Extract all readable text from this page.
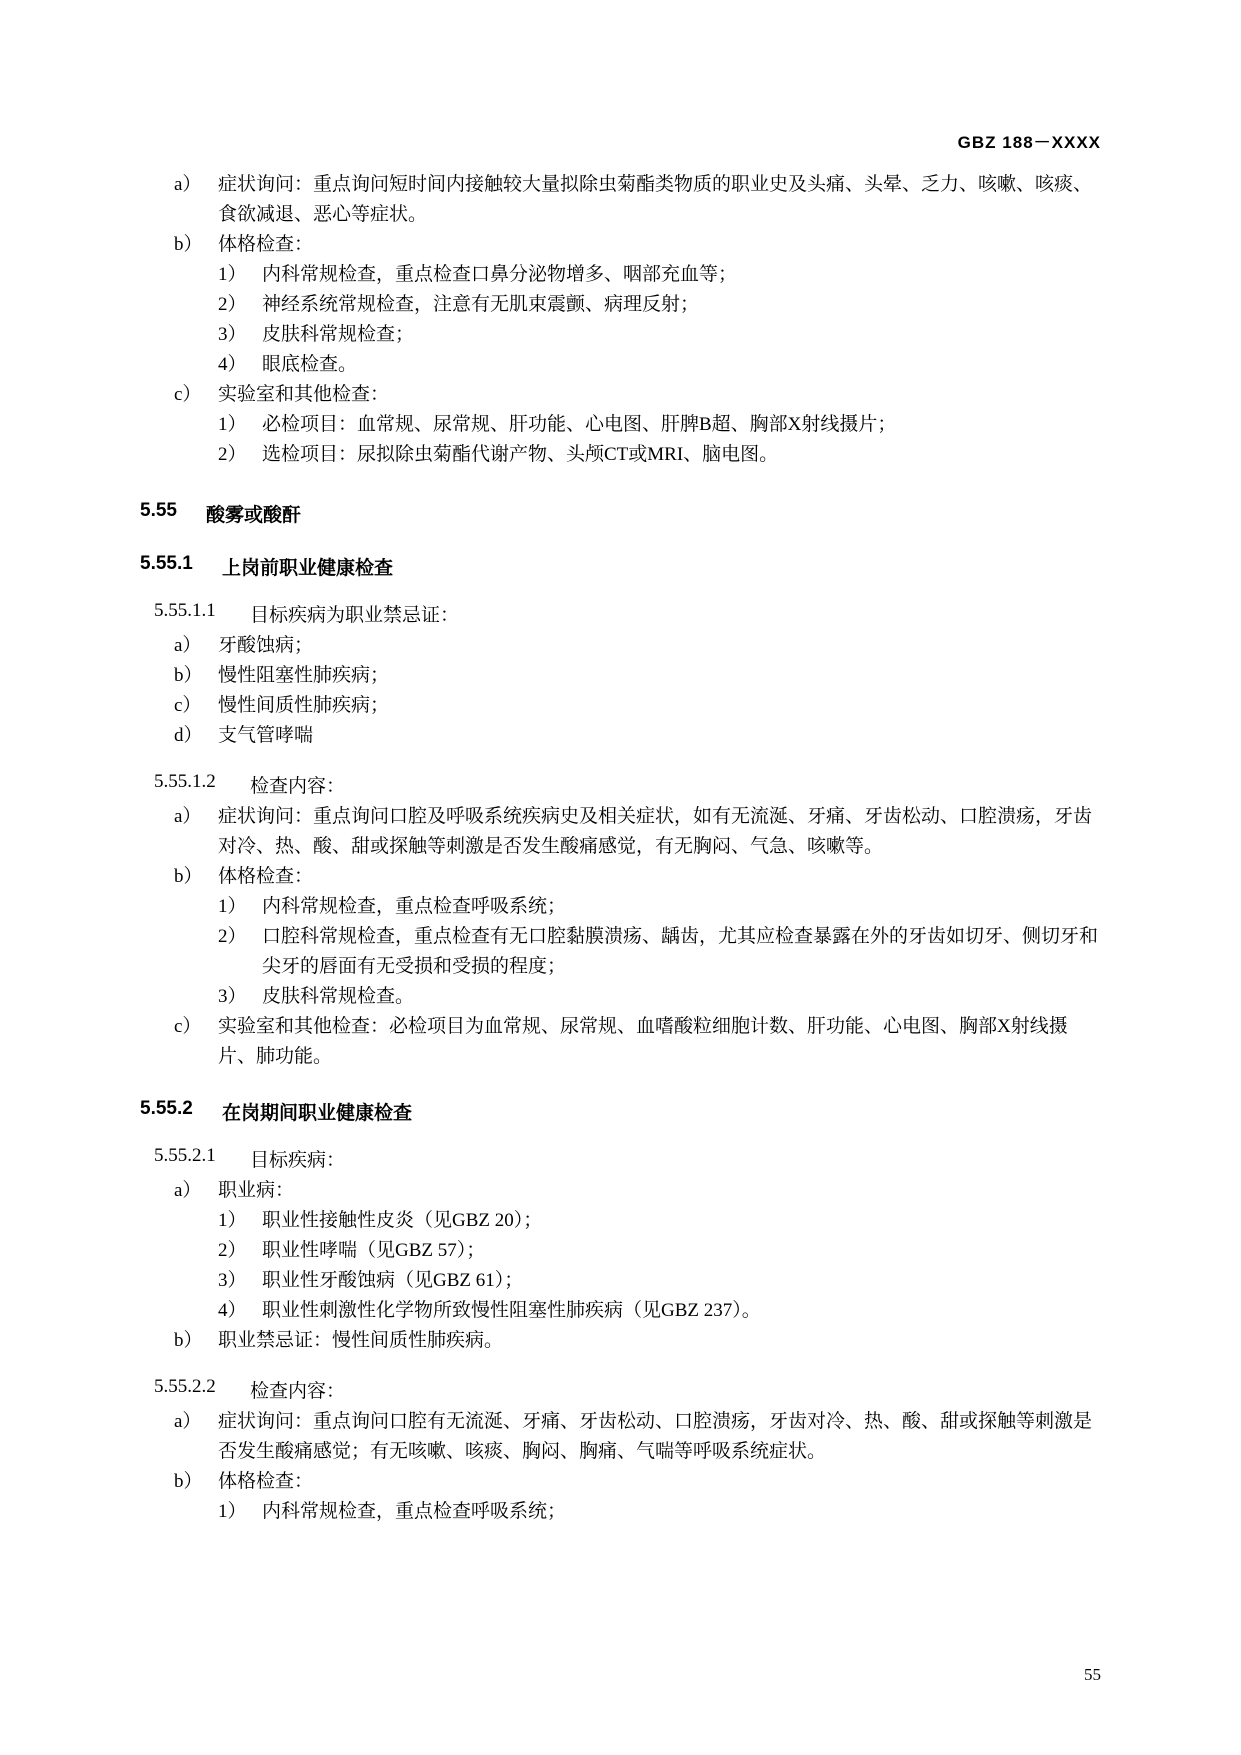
GBZ 188－XXXX
a） 症状询问：重点询问短时间内接触较大量拟除虫菊酯类物质的职业史及头痛、头晕、乏力、咳嗽、咳痰、食欲减退、恶心等症状。
b） 体格检查：
1） 内科常规检查，重点检查口鼻分泌物增多、咽部充血等；
2） 神经系统常规检查，注意有无肌束震颤、病理反射；
3） 皮肤科常规检查；
4） 眼底检查。
c） 实验室和其他检查：
1） 必检项目：血常规、尿常规、肝功能、心电图、肝脾B超、胸部X射线摄片；
2） 选检项目：尿拟除虫菊酯代谢产物、头颅CT或MRI、脑电图。
5.55	酸雾或酸酐
5.55.1	上岗前职业健康检查
5.55.1.1	目标疾病为职业禁忌证：
a） 牙酸蚀病；
b） 慢性阻塞性肺疾病；
c） 慢性间质性肺疾病；
d） 支气管哮喘
5.55.1.2	检查内容：
a） 症状询问：重点询问口腔及呼吸系统疾病史及相关症状，如有无流涎、牙痛、牙齿松动、口腔溃疡，牙齿对冷、热、酸、甜或探触等刺激是否发生酸痛感觉，有无胸闷、气急、咳嗽等。
b） 体格检查：
1） 内科常规检查，重点检查呼吸系统；
2） 口腔科常规检查，重点检查有无口腔黏膜溃疡、龋齿，尤其应检查暴露在外的牙齿如切牙、侧切牙和尖牙的唇面有无受损和受损的程度；
3） 皮肤科常规检查。
c） 实验室和其他检查：必检项目为血常规、尿常规、血嗜酸粒细胞计数、肝功能、心电图、胸部X射线摄片、肺功能。
5.55.2	在岗期间职业健康检查
5.55.2.1	目标疾病：
a） 职业病：
1） 职业性接触性皮炎（见GBZ 20）；
2） 职业性哮喘（见GBZ 57）；
3） 职业性牙酸蚀病（见GBZ 61）；
4） 职业性刺激性化学物所致慢性阻塞性肺疾病（见GBZ 237）。
b） 职业禁忌证：慢性间质性肺疾病。
5.55.2.2	检查内容：
a） 症状询问：重点询问口腔有无流涎、牙痛、牙齿松动、口腔溃疡，牙齿对冷、热、酸、甜或探触等刺激是否发生酸痛感觉；有无咳嗽、咳痰、胸闷、胸痛、气喘等呼吸系统症状。
b） 体格检查：
1） 内科常规检查，重点检查呼吸系统；
55
